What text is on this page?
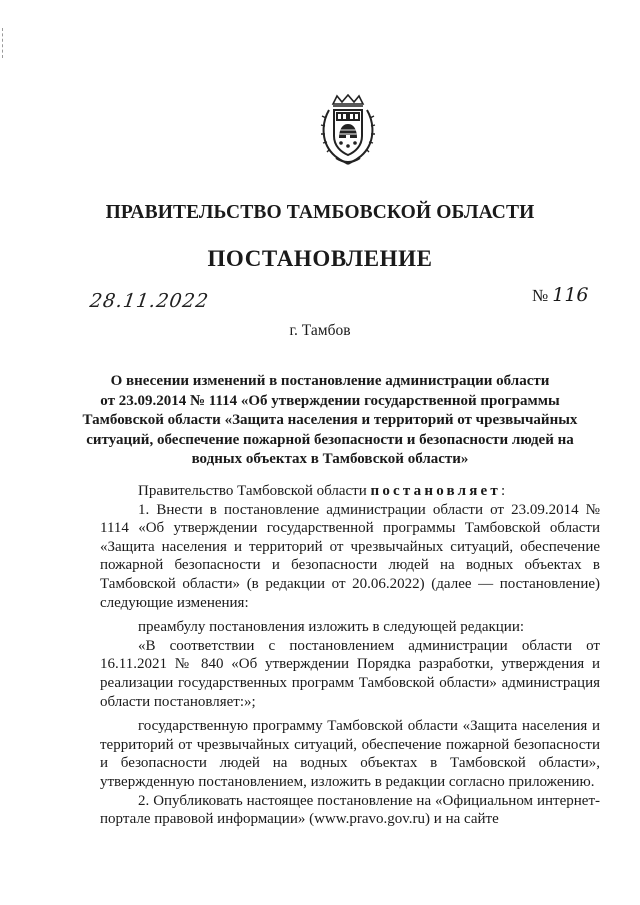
ПРАВИТЕЛЬСТВО ТАМБОВСКОЙ ОБЛАСТИ
ПОСТАНОВЛЕНИЕ
28.11.2022	№ 116
г. Тамбов
О внесении изменений в постановление администрации области
от 23.09.2014 № 1114 «Об утверждении государственной программы
Тамбовской области «Защита населения и территорий от чрезвычайных
ситуаций, обеспечение пожарной безопасности и безопасности людей на
водных объектах в Тамбовской области»

Правительство Тамбовской области постановляет:

1. Внести в постановление администрации области от 23.09.2014 № 1114 «Об утверждении государственной программы Тамбовской области «Защита населения и территорий от чрезвычайных ситуаций, обеспечение пожарной безопасности и безопасности людей на водных объектах в Тамбовской области» (в редакции от 20.06.2022) (далее — постановление) следующие изменения:

преамбулу постановления изложить в следующей редакции:

«В соответствии с постановлением администрации области от 16.11.2021 № 840 «Об утверждении Порядка разработки, утверждения и реализации государственных программ Тамбовской области» администрация области постановляет:»;

государственную программу Тамбовской области «Защита населения и территорий от чрезвычайных ситуаций, обеспечение пожарной безопасности и безопасности людей на водных объектах в Тамбовской области», утвержденную постановлением, изложить в редакции согласно приложению.

2. Опубликовать настоящее постановление на «Официальном интернет-портале правовой информации» (www.pravo.gov.ru) и на сайте
